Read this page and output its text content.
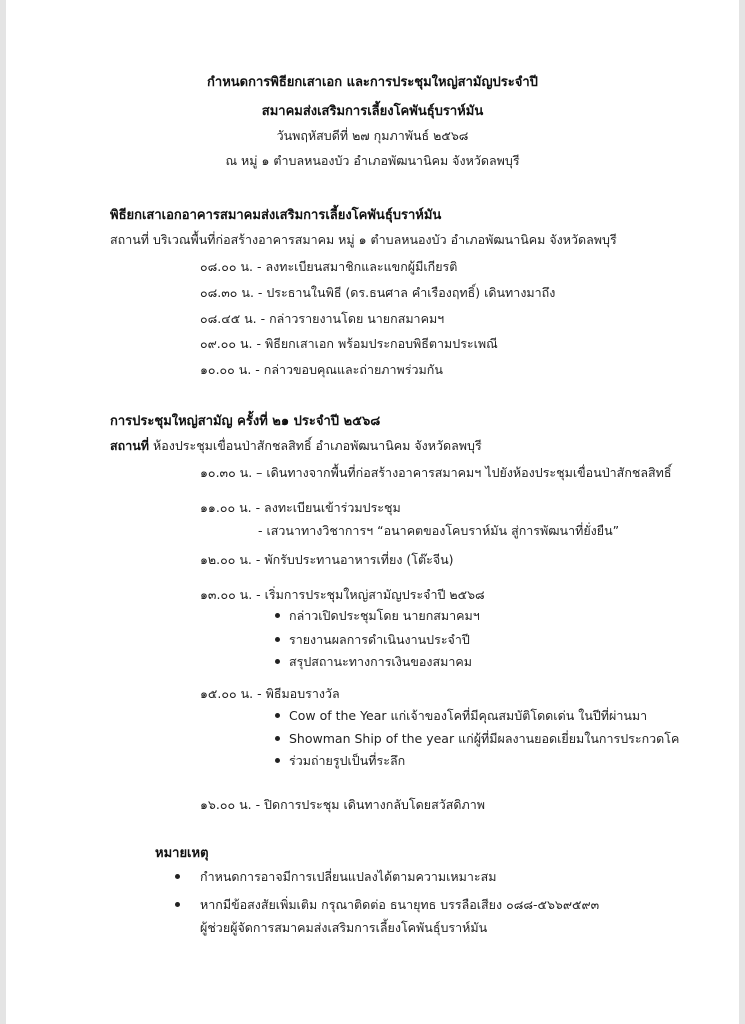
กำหนดการพิธียกเสาเอก และการประชุมใหญ่สามัญประจำปี
สมาคมส่งเสริมการเลี้ยงโคพันธุ์บราห์มัน
วันพฤหัสบดีที่ ๒๗ กุมภาพันธ์ ๒๕๖๘
ณ หมู่ ๑ ตำบลหนองบัว อำเภอพัฒนานิคม จังหวัดลพบุรี
พิธียกเสาเอกอาคารสมาคมส่งเสริมการเลี้ยงโคพันธุ์บราห์มัน
สถานที่ บริเวณพื้นที่ก่อสร้างอาคารสมาคม หมู่ ๑ ตำบลหนองบัว อำเภอพัฒนานิคม จังหวัดลพบุรี
๐๘.๐๐ น. - ลงทะเบียนสมาชิกและแขกผู้มีเกียรติ
๐๘.๓๐ น. - ประธานในพิธี (ดร.ธนศาล คำเรืองฤทธิ์) เดินทางมาถึง
๐๘.๔๕ น. - กล่าวรายงานโดย นายกสมาคมฯ
๐๙.๐๐ น. - พิธียกเสาเอก พร้อมประกอบพิธีตามประเพณี
๑๐.๐๐ น. - กล่าวขอบคุณและถ่ายภาพร่วมกัน
การประชุมใหญ่สามัญ ครั้งที่ ๒๑ ประจำปี ๒๕๖๘
สถานที่ ห้องประชุมเขื่อนป่าสักชลสิทธิ์ อำเภอพัฒนานิคม จังหวัดลพบุรี
๑๐.๓๐ น. – เดินทางจากพื้นที่ก่อสร้างอาคารสมาคมฯ ไปยังห้องประชุมเขื่อนป่าสักชลสิทธิ์
๑๑.๐๐ น. - ลงทะเบียนเข้าร่วมประชุม
- เสวนาทางวิชาการฯ “อนาคตของโคบราห์มัน สู่การพัฒนาที่ยั่งยืน”
๑๒.๐๐ น. - พักรับประทานอาหารเที่ยง (โต๊ะจีน)
๑๓.๐๐ น. - เริ่มการประชุมใหญ่สามัญประจำปี ๒๕๖๘
กล่าวเปิดประชุมโดย นายกสมาคมฯ
รายงานผลการดำเนินงานประจำปี
สรุปสถานะทางการเงินของสมาคม
๑๕.๐๐ น. - พิธีมอบรางวัล
Cow of the Year แก่เจ้าของโคที่มีคุณสมบัติโดดเด่น ในปีที่ผ่านมา
Showman Ship of the year แก่ผู้ที่มีผลงานยอดเยี่ยมในการประกวดโค
ร่วมถ่ายรูปเป็นที่ระลึก
๑๖.๐๐ น. - ปิดการประชุม เดินทางกลับโดยสวัสดิภาพ
หมายเหตุ
กำหนดการอาจมีการเปลี่ยนแปลงได้ตามความเหมาะสม
หากมีข้อสงสัยเพิ่มเติม กรุณาติดต่อ ธนายุทธ บรรลือเสียง ๐๘๘-๕๖๖๙๕๙๓
ผู้ช่วยผู้จัดการสมาคมส่งเสริมการเลี้ยงโคพันธุ์บราห์มัน
